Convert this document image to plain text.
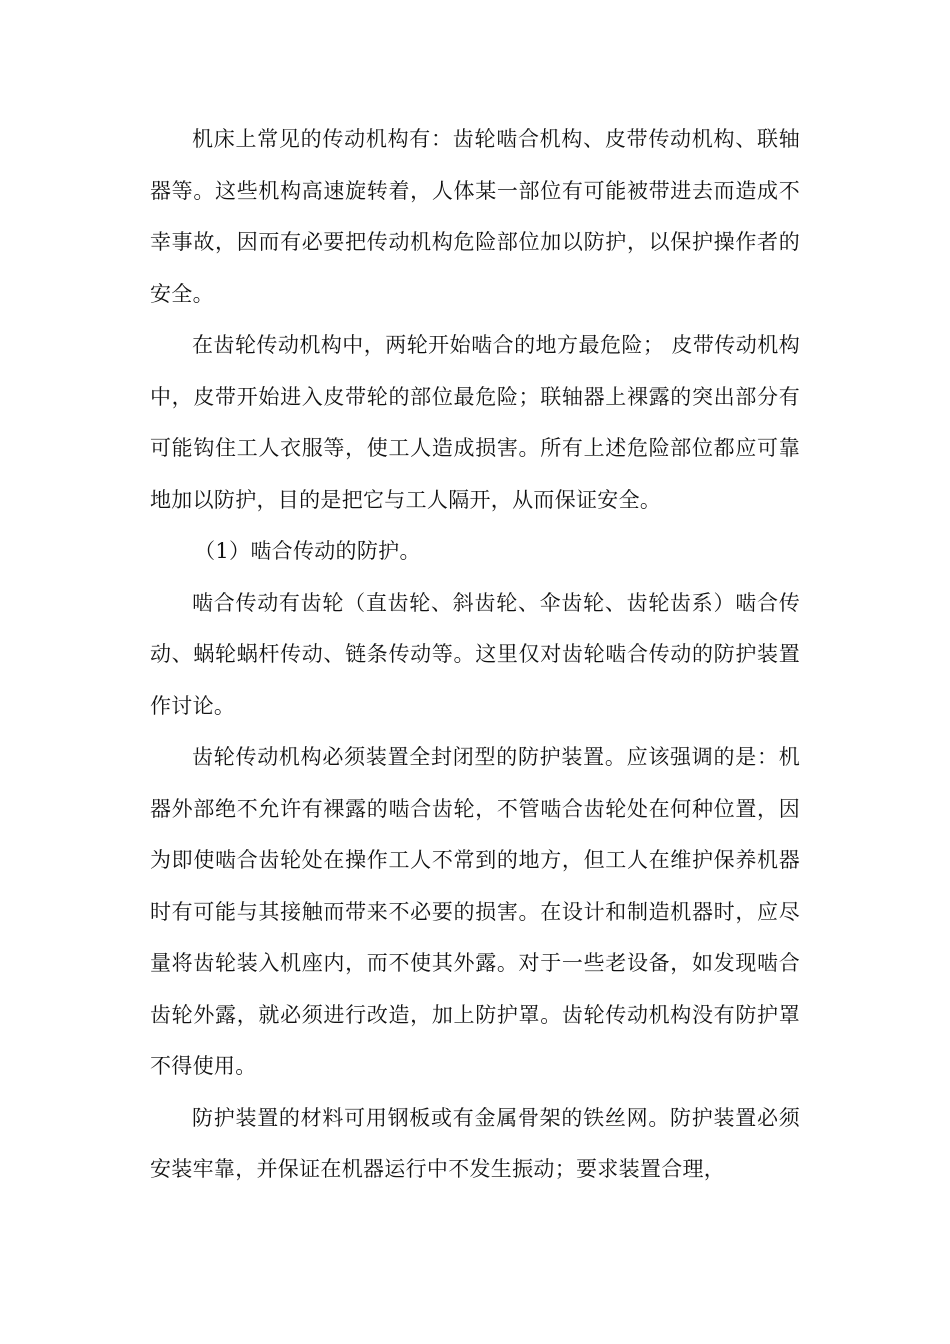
机床上常见的传动机构有：齿轮啮合机构、皮带传动机构、联轴器等。这些机构高速旋转着，人体某一部位有可能被带进去而造成不幸事故，因而有必要把传动机构危险部位加以防护，以保护操作者的安全。

在齿轮传动机构中，两轮开始啮合的地方最危险； 皮带传动机构中，皮带开始进入皮带轮的部位最危险；联轴器上裸露的突出部分有可能钩住工人衣服等，使工人造成损害。所有上述危险部位都应可靠地加以防护，目的是把它与工人隔开，从而保证安全。

（1）啮合传动的防护。

啮合传动有齿轮（直齿轮、斜齿轮、伞齿轮、齿轮齿系）啮合传动、蜗轮蜗杆传动、链条传动等。这里仅对齿轮啮合传动的防护装置作讨论。

齿轮传动机构必须装置全封闭型的防护装置。应该强调的是：机器外部绝不允许有裸露的啮合齿轮，不管啮合齿轮处在何种位置，因为即使啮合齿轮处在操作工人不常到的地方，但工人在维护保养机器时有可能与其接触而带来不必要的损害。在设计和制造机器时，应尽量将齿轮装入机座内，而不使其外露。对于一些老设备，如发现啮合齿轮外露，就必须进行改造，加上防护罩。齿轮传动机构没有防护罩不得使用。

防护装置的材料可用钢板或有金属骨架的铁丝网。防护装置必须安装牢靠，并保证在机器运行中不发生振动；要求装置合理，
